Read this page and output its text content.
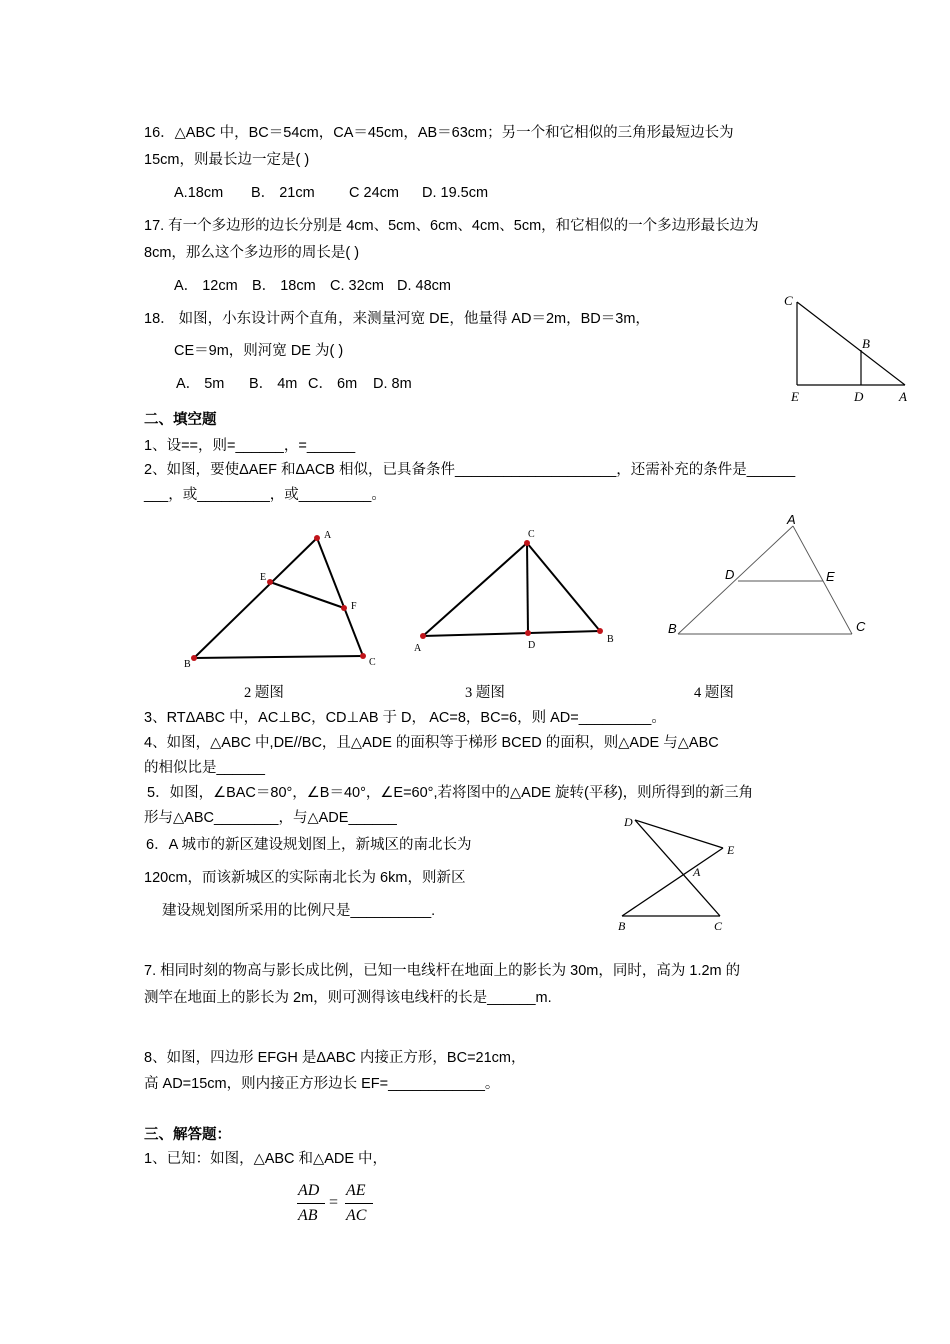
16．△ABC 中，BC＝54cm，CA＝45cm，AB＝63cm；另一个和它相似的三角形最短边长为
15cm，则最长边一定是( )
A.18cm B． 21cm C 24cm D. 19.5cm
17. 有一个多边形的边长分别是 4cm、5cm、6cm、4cm、5cm，和它相似的一个多边形最长边为
8cm，那么这个多边形的周长是( )
A． 12cm B． 18cm C. 32cm D. 48cm
18． 如图，小东设计两个直角，来测量河宽 DE，他量得 AD＝2m，BD＝3m，
CE＝9m，则河宽 DE 为( )
A． 5m B． 4m C． 6m D. 8m
C
B
E	D	A
二、填空题
1、设==，则=______，=______
2、如图，要使ΔAEF 和ΔACB 相似，已具备条件____________________，还需补充的条件是______
___，或_________，或_________。
A
E
F
B	C
C
A	D
B
A
D	E
B	C
2 题图	3 题图	4 题图
3、RTΔABC 中，AC⊥BC，CD⊥AB 于 D， AC=8，BC=6，则 AD=_________。
4、如图，△ABC 中,DE//BC，且△ADE 的面积等于梯形 BCED 的面积，则△ADE 与△ABC
的相似比是______
5．如图，∠BAC＝80°，∠B＝40°，∠E=60°,若将图中的△ADE 旋转(平移)，则所得到的新三角
形与△ABC________，与△ADE______
6．A 城市的新区建设规划图上，新城区的南北长为
120cm，而该新城区的实际南北长为 6km，则新区
建设规划图所采用的比例尺是__________.
D
E
A
B	C
7. 相同时刻的物高与影长成比例，已知一电线杆在地面上的影长为 30m，同时，高为 1.2m 的
测竿在地面上的影长为 2m，则可测得该电线杆的长是______m.
8、如图，四边形 EFGH 是ΔABC 内接正方形，BC=21cm，
高 AD=15cm，则内接正方形边长 EF=____________。
三、解答题：
1、已知：如图，△ABC 和△ADE 中，
AD
AB
=
AE
AC
